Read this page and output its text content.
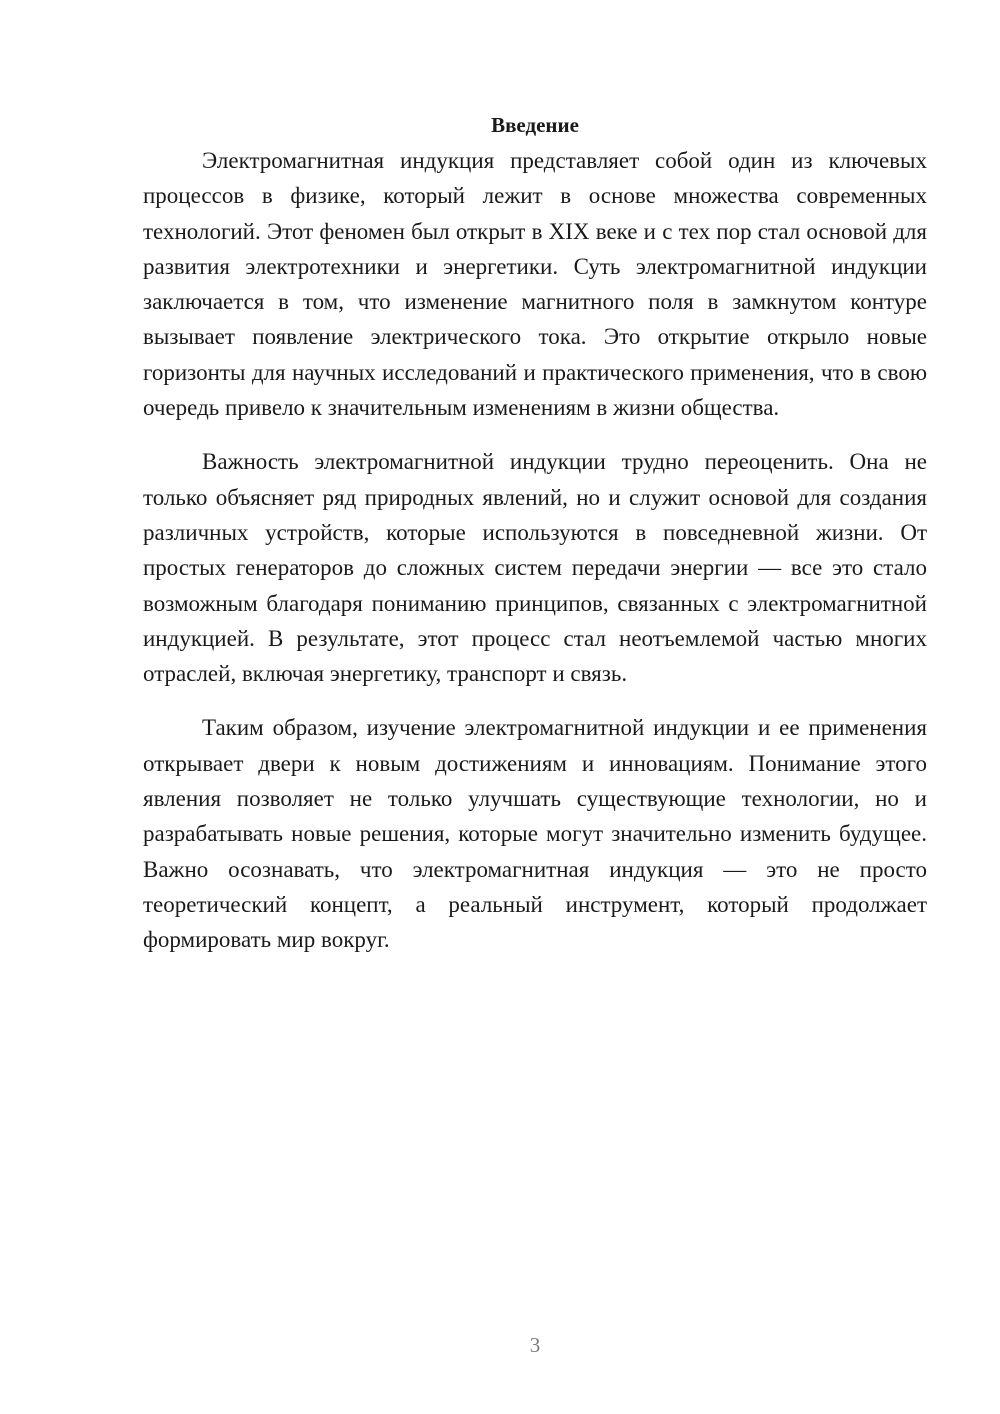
Введение

Электромагнитная индукция представляет собой один из ключевых процессов в физике, который лежит в основе множества современных технологий. Этот феномен был открыт в XIX веке и с тех пор стал основой для развития электротехники и энергетики. Суть электромагнитной индукции заключается в том, что изменение магнитного поля в замкнутом контуре вызывает появление электрического тока. Это открытие открыло новые горизонты для научных исследований и практического применения, что в свою очередь привело к значительным изменениям в жизни общества.

Важность электромагнитной индукции трудно переоценить. Она не только объясняет ряд природных явлений, но и служит основой для создания различных устройств, которые используются в повседневной жизни. От простых генераторов до сложных систем передачи энергии — все это стало возможным благодаря пониманию принципов, связанных с электромагнитной индукцией. В результате, этот процесс стал неотъемлемой частью многих отраслей, включая энергетику, транспорт и связь.

Таким образом, изучение электромагнитной индукции и ее применения открывает двери к новым достижениям и инновациям. Понимание этого явления позволяет не только улучшать существующие технологии, но и разрабатывать новые решения, которые могут значительно изменить будущее. Важно осознавать, что электромагнитная индукция — это не просто теоретический концепт, а реальный инструмент, который продолжает формировать мир вокруг.

3
